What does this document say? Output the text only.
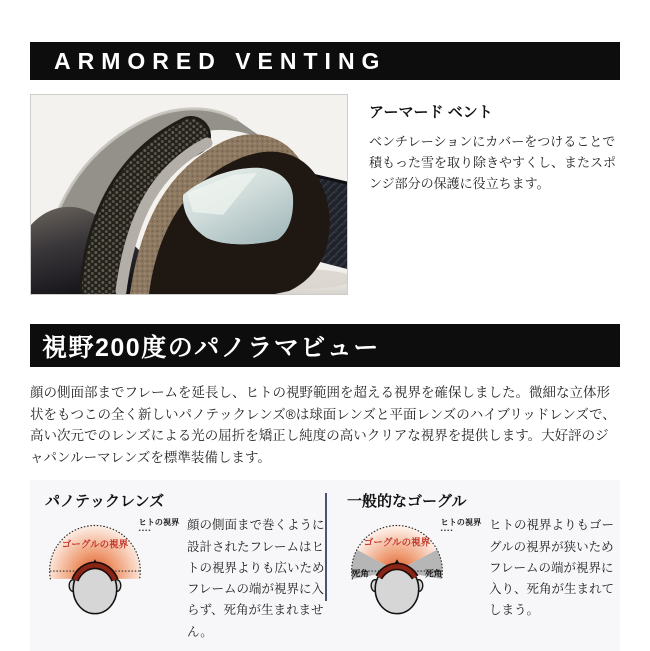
ARMORED VENTING
アーマード ベント

ベンチレーションにカバーをつけることで積もった雪を取り除きやすくし、またスポンジ部分の保護に役立ちます。

視野200度のパノラマビュー

顔の側面部までフレームを延長し、ヒトの視野範囲を超える視界を確保しました。微細な立体形状をもつこの全く新しいパノテックレンズ®は球面レンズと平面レンズのハイブリッドレンズで、高い次元でのレンズによる光の屈折を矯正し純度の高いクリアな視界を提供します。大好評のジャパンルーマレンズを標準装備します。

パノテックレンズ

ヒトの視界
ゴーグルの視界

顔の側面まで巻くように設計されたフレームはヒトの視界よりも広いためフレームの端が視界に入らず、死角が生まれません。

一般的なゴーグル

ヒトの視界
ゴーグルの視界
死角	死角

ヒトの視界よりもゴーグルの視界が狭いためフレームの端が視界に入り、死角が生まれてしまう。
